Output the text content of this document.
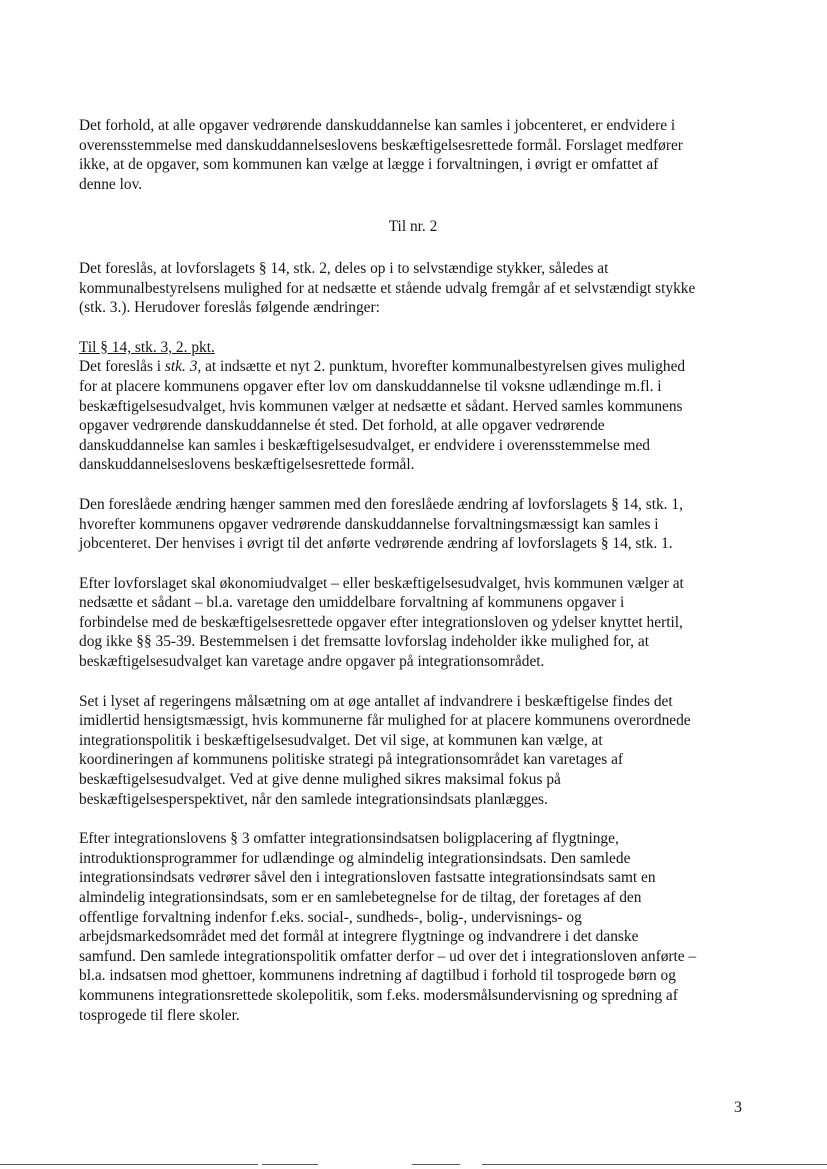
Det forhold, at alle opgaver vedrørende danskuddannelse kan samles i jobcenteret, er endvidere i
overensstemmelse med danskuddannelseslovens beskæftigelsesrettede formål. Forslaget medfører
ikke, at de opgaver, som kommunen kan vælge at lægge i forvaltningen, i øvrigt er omfattet af
denne lov.

Til nr. 2

Det foreslås, at lovforslagets § 14, stk. 2, deles op i to selvstændige stykker, således at
kommunalbestyrelsens mulighed for at nedsætte et stående udvalg fremgår af et selvstændigt stykke
(stk. 3.). Herudover foreslås følgende ændringer:

Til § 14, stk. 3, 2. pkt.
Det foreslås i stk. 3, at indsætte et nyt 2. punktum, hvorefter kommunalbestyrelsen gives mulighed
for at placere kommunens opgaver efter lov om danskuddannelse til voksne udlændinge m.fl. i
beskæftigelsesudvalget, hvis kommunen vælger at nedsætte et sådant. Herved samles kommunens
opgaver vedrørende danskuddannelse ét sted. Det forhold, at alle opgaver vedrørende
danskuddannelse kan samles i beskæftigelsesudvalget, er endvidere i overensstemmelse med
danskuddannelseslovens beskæftigelsesrettede formål.

Den foreslåede ændring hænger sammen med den foreslåede ændring af lovforslagets § 14, stk. 1,
hvorefter kommunens opgaver vedrørende danskuddannelse forvaltningsmæssigt kan samles i
jobcenteret. Der henvises i øvrigt til det anførte vedrørende ændring af lovforslagets § 14, stk. 1.

Efter lovforslaget skal økonomiudvalget – eller beskæftigelsesudvalget, hvis kommunen vælger at
nedsætte et sådant – bl.a. varetage den umiddelbare forvaltning af kommunens opgaver i
forbindelse med de beskæftigelsesrettede opgaver efter integrationsloven og ydelser knyttet hertil,
dog ikke §§ 35-39. Bestemmelsen i det fremsatte lovforslag indeholder ikke mulighed for, at
beskæftigelsesudvalget kan varetage andre opgaver på integrationsområdet.

Set i lyset af regeringens målsætning om at øge antallet af indvandrere i beskæftigelse findes det
imidlertid hensigtsmæssigt, hvis kommunerne får mulighed for at placere kommunens overordnede
integrationspolitik i beskæftigelsesudvalget. Det vil sige, at kommunen kan vælge, at
koordineringen af kommunens politiske strategi på integrationsområdet kan varetages af
beskæftigelsesudvalget. Ved at give denne mulighed sikres maksimal fokus på
beskæftigelsesperspektivet, når den samlede integrationsindsats planlægges.

Efter integrationslovens § 3 omfatter integrationsindsatsen boligplacering af flygtninge,
introduktionsprogrammer for udlændinge og almindelig integrationsindsats. Den samlede
integrationsindsats vedrører såvel den i integrationsloven fastsatte integrationsindsats samt en
almindelig integrationsindsats, som er en samlebetegnelse for de tiltag, der foretages af den
offentlige forvaltning indenfor f.eks. social-, sundheds-, bolig-, undervisnings- og
arbejdsmarkedsområdet med det formål at integrere flygtninge og indvandrere i det danske
samfund. Den samlede integrationspolitik omfatter derfor – ud over det i integrationsloven anførte –
bl.a. indsatsen mod ghettoer, kommunens indretning af dagtilbud i forhold til tosprogede børn og
kommunens integrationsrettede skolepolitik, som f.eks. modersmålsundervisning og spredning af
tosprogede til flere skoler.

3
